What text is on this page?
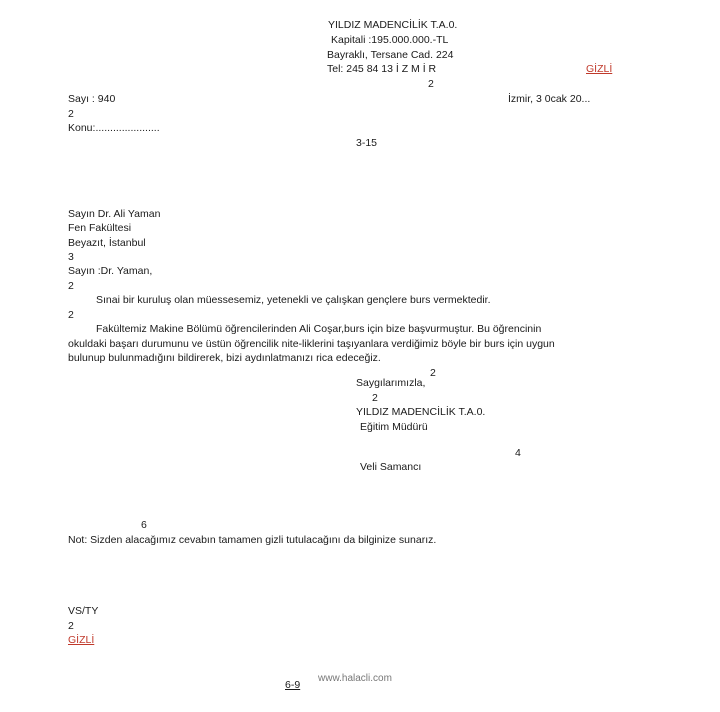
YILDIZ MADENCİLİK T.A.0.
Kapitali :195.000.000.-TL
Bayraklı, Tersane Cad. 224
Tel: 245 84 13 İ Z M İ R
2
GİZLİ
İzmir, 3 0cak 20...
Sayı : 940
2
Konu:......................
3-15
Sayın Dr. Ali Yaman
Fen Fakültesi
Beyazıt, İstanbul
3
Sayın :Dr. Yaman,
2
Sınai bir kuruluş olan müessesemiz, yetenekli ve çalışkan gençlere burs vermektedir.
2
Fakültemiz Makine Bölümü öğrencilerinden Ali Coşar,burs için bize başvurmuştur. Bu öğrencinin
okuldaki başarı durumunu ve üstün öğrencilik nite-liklerini taşıyanlara verdiğimiz böyle bir burs için uygun
bulunup bulunmadığını bildirerek, bizi aydınlatmanızı rica edeceğiz.
2
Saygılarımızla,
2
YILDIZ MADENCİLİK T.A.0.
Eğitim Müdürü
4
Veli Samancı
6
Not: Sizden alacağımız cevabın tamamen gizli tutulacağını da bilginize sunarız.
VS/TY
2
GİZLİ
6-9
www.halacli.com
